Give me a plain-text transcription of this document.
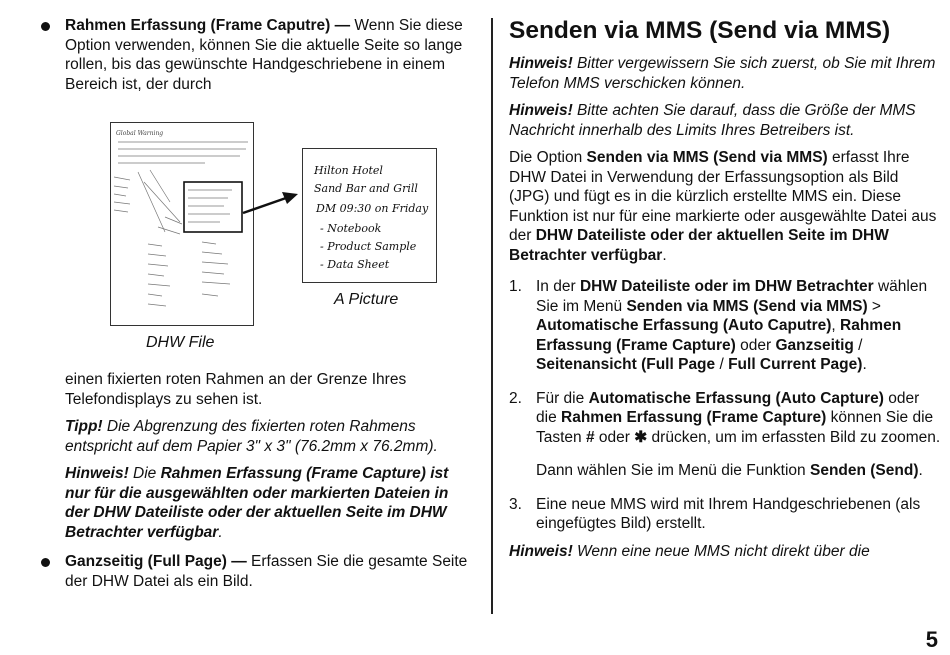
Rahmen Erfassung (Frame Caputre) — Wenn Sie diese Option verwenden, können Sie die aktuelle Seite so lange rollen, bis das gewünschte Handgeschriebene in einem Bereich ist, der durch
Global Warning
Hilton Hotel
Sand Bar and Grill
DM 09:30 on Friday
- Notebook
- Product Sample
- Data Sheet
DHW File
A Picture

einen fixierten roten Rahmen an der Grenze Ihres Telefondisplays zu sehen ist.

Tipp! Die Abgrenzung des fixierten roten Rahmens entspricht auf dem Papier 3" x 3" (76.2mm x 76.2mm).

Hinweis! Die Rahmen Erfassung (Frame Capture) ist nur für die ausgewählten oder markierten Dateien in der DHW Dateiliste oder der aktuellen Seite im DHW Betrachter verfügbar.

Ganzseitig (Full Page) — Erfassen Sie die gesamte Seite der DHW Datei als ein Bild.
Senden via MMS (Send via MMS)

Hinweis! Bitter vergewissern Sie sich zuerst, ob Sie mit Ihrem Telefon MMS verschicken können.

Hinweis! Bitte achten Sie darauf, dass die Größe der MMS Nachricht innerhalb des Limits Ihres Betreibers ist.

Die Option Senden via MMS (Send via MMS) erfasst Ihre DHW Datei in Verwendung der Erfassungsoption als Bild (JPG) und fügt es in die kürzlich erstellte MMS ein. Diese Funktion ist nur für eine markierte oder ausgewählte Datei aus der DHW Dateiliste oder der aktuellen Seite im DHW Betrachter verfügbar.

1. In der DHW Dateiliste oder im DHW Betrachter wählen Sie im Menü Senden via MMS (Send via MMS) > Automatische Erfassung (Auto Caputre), Rahmen Erfassung (Frame Capture) oder Ganzseitig / Seitenansicht (Full Page / Full Current Page).
2. Für die Automatische Erfassung (Auto Capture) oder die Rahmen Erfassung (Frame Capture) können Sie die Tasten # oder ✱ drücken, um im erfassten Bild zu zoomen.

Dann wählen Sie im Menü die Funktion Senden (Send).

3. Eine neue MMS wird mit Ihrem Handgeschriebenen (als eingefügtes Bild) erstellt.

Hinweis! Wenn eine neue MMS nicht direkt über die

5
